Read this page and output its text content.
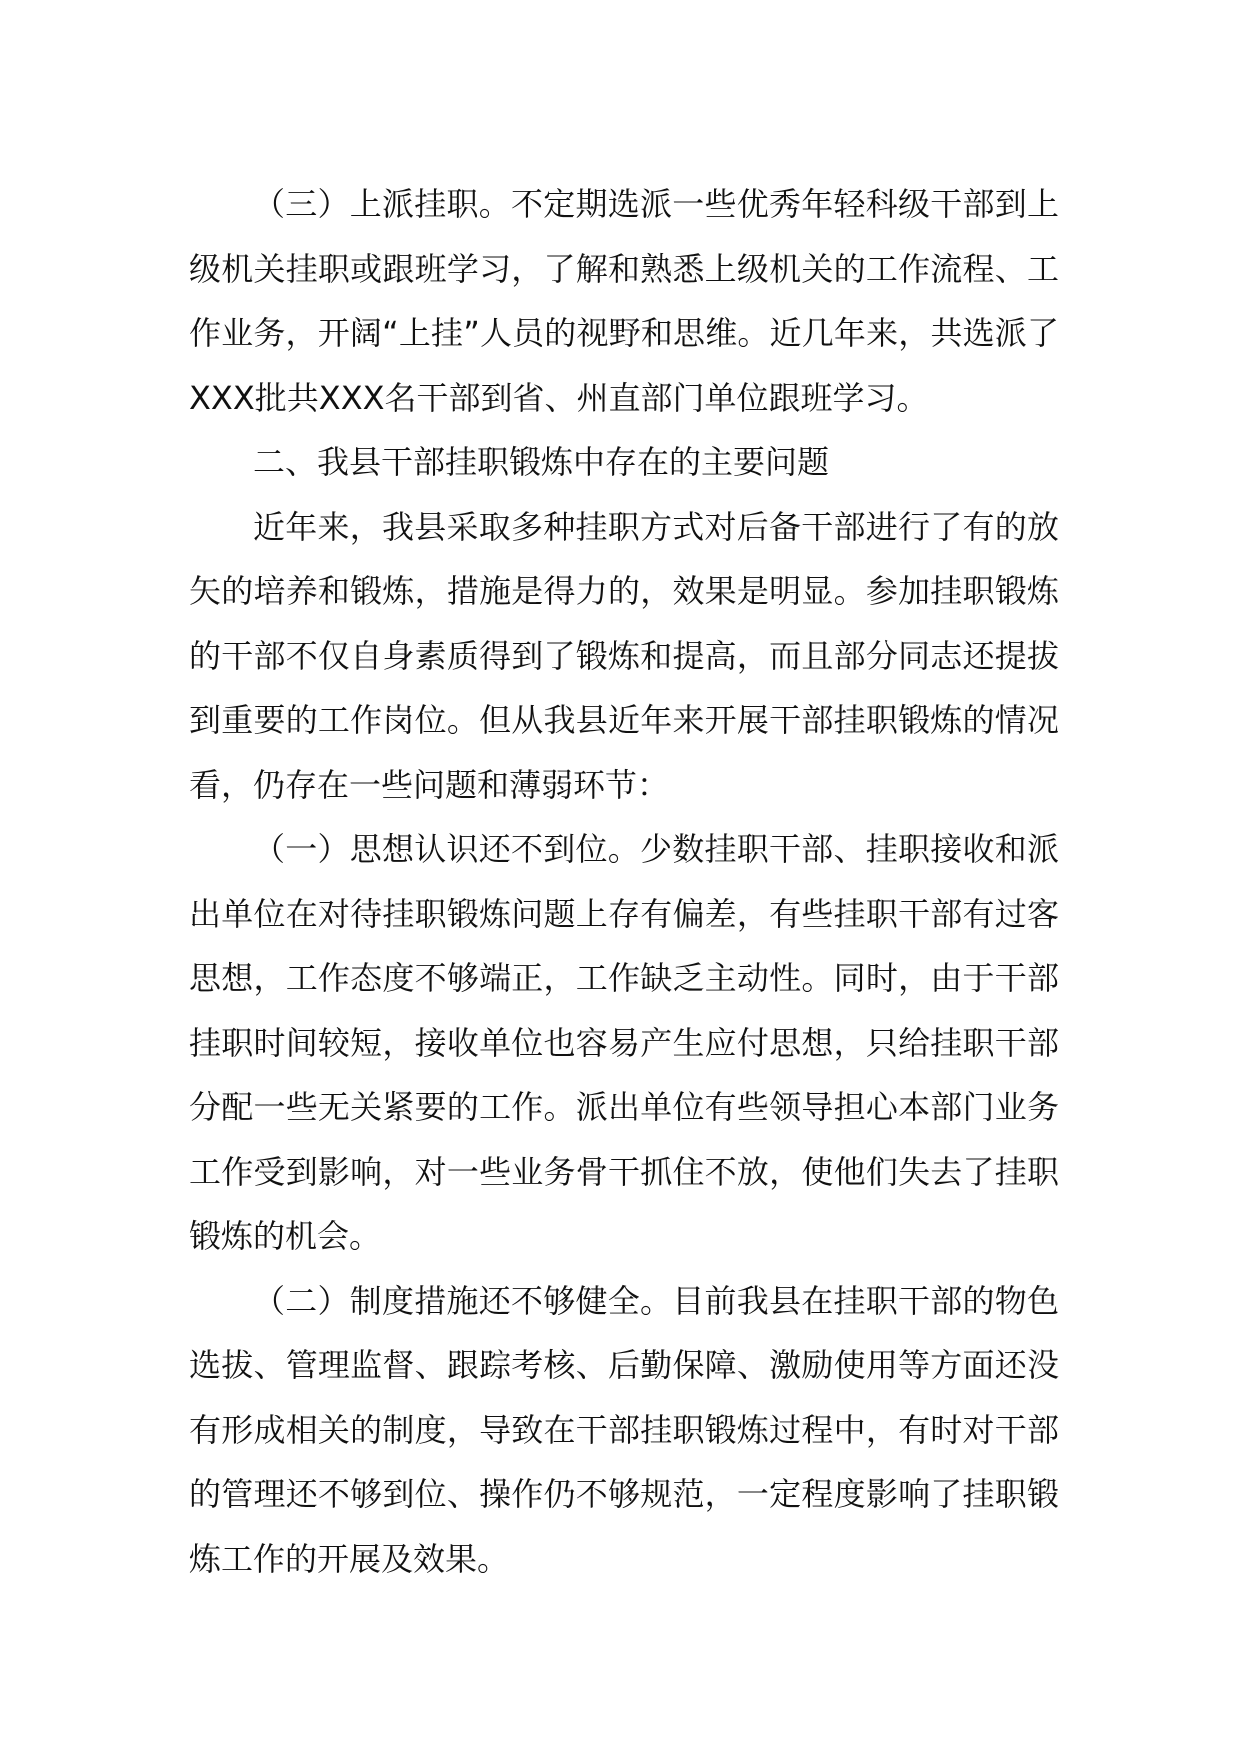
（三）上派挂职。不定期选派一些优秀年轻科级干部到上级机关挂职或跟班学习，了解和熟悉上级机关的工作流程、工作业务，开阔“上挂”人员的视野和思维。近几年来，共选派了XXX批共XXX名干部到省、州直部门单位跟班学习。

二、我县干部挂职锻炼中存在的主要问题

近年来，我县采取多种挂职方式对后备干部进行了有的放矢的培养和锻炼，措施是得力的，效果是明显。参加挂职锻炼的干部不仅自身素质得到了锻炼和提高，而且部分同志还提拔到重要的工作岗位。但从我县近年来开展干部挂职锻炼的情况看，仍存在一些问题和薄弱环节：

（一）思想认识还不到位。少数挂职干部、挂职接收和派出单位在对待挂职锻炼问题上存有偏差，有些挂职干部有过客思想，工作态度不够端正，工作缺乏主动性。同时，由于干部挂职时间较短，接收单位也容易产生应付思想，只给挂职干部分配一些无关紧要的工作。派出单位有些领导担心本部门业务工作受到影响，对一些业务骨干抓住不放，使他们失去了挂职锻炼的机会。

（二）制度措施还不够健全。目前我县在挂职干部的物色选拔、管理监督、跟踪考核、后勤保障、激励使用等方面还没有形成相关的制度，导致在干部挂职锻炼过程中，有时对干部的管理还不够到位、操作仍不够规范，一定程度影响了挂职锻炼工作的开展及效果。
